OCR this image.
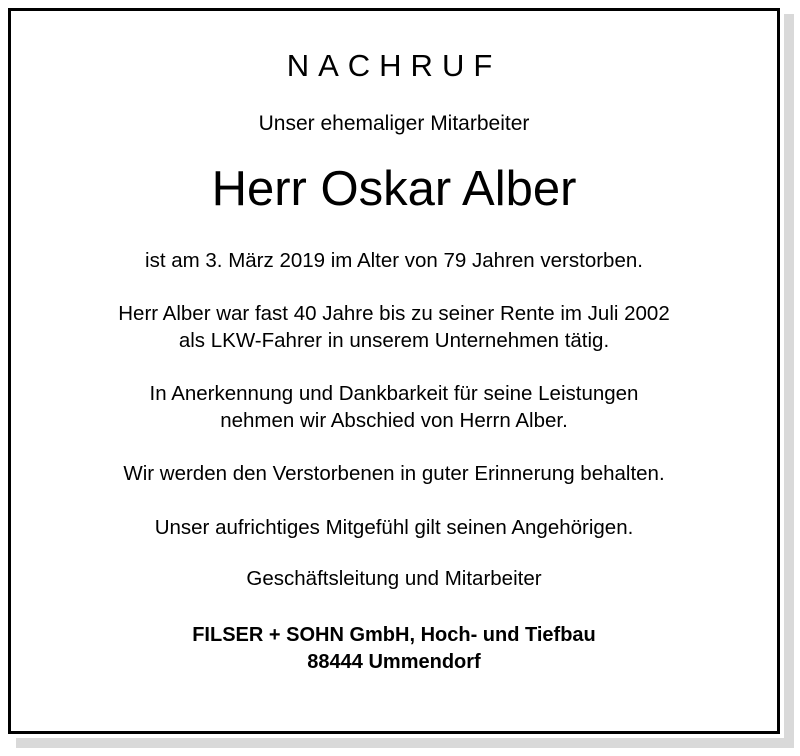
NACHRUF
Unser ehemaliger Mitarbeiter
Herr Oskar Alber

ist am 3. März 2019 im Alter von 79 Jahren verstorben.

Herr Alber war fast 40 Jahre bis zu seiner Rente im Juli 2002

als LKW-Fahrer in unserem Unternehmen tätig.

In Anerkennung und Dankbarkeit für seine Leistungen

nehmen wir Abschied von Herrn Alber.

Wir werden den Verstorbenen in guter Erinnerung behalten.

Unser aufrichtiges Mitgefühl gilt seinen Angehörigen.

Geschäftsleitung und Mitarbeiter

FILSER + SOHN GmbH, Hoch- und Tiefbau
88444 Ummendorf
